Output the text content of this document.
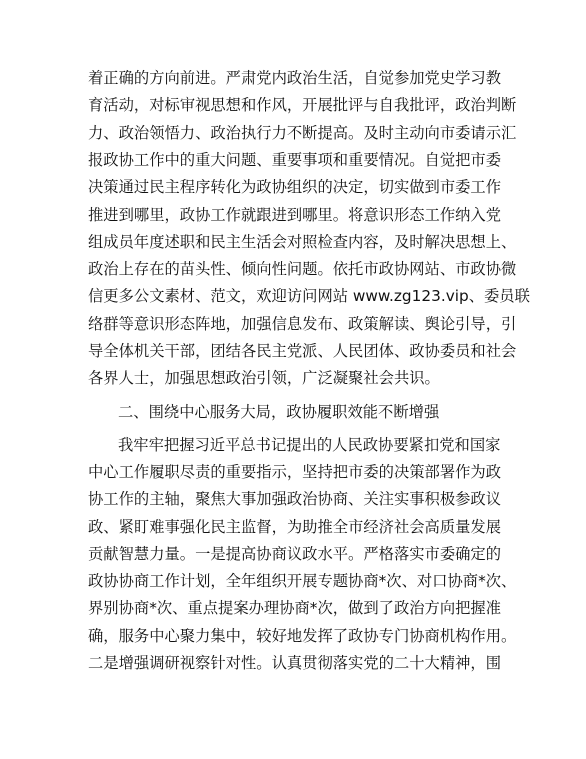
着正确的方向前进。严肃党内政治生活，自觉参加党史学习教
育活动，对标审视思想和作风，开展批评与自我批评，政治判断
力、政治领悟力、政治执行力不断提高。及时主动向市委请示汇
报政协工作中的重大问题、重要事项和重要情况。自觉把市委
决策通过民主程序转化为政协组织的决定，切实做到市委工作
推进到哪里，政协工作就跟进到哪里。将意识形态工作纳入党
组成员年度述职和民主生活会对照检查内容，及时解决思想上、
政治上存在的苗头性、倾向性问题。依托市政协网站、市政协微
信更多公文素材、范文，欢迎访问网站 www.zg123.vip、委员联
络群等意识形态阵地，加强信息发布、政策解读、舆论引导，引
导全体机关干部，团结各民主党派、人民团体、政协委员和社会
各界人士，加强思想政治引领，广泛凝聚社会共识。
二、围绕中心服务大局，政协履职效能不断增强
我牢牢把握习近平总书记提出的人民政协要紧扣党和国家
中心工作履职尽责的重要指示，坚持把市委的决策部署作为政
协工作的主轴，聚焦大事加强政治协商、关注实事积极参政议
政、紧盯难事强化民主监督，为助推全市经济社会高质量发展
贡献智慧力量。一是提高协商议政水平。严格落实市委确定的
政协协商工作计划，全年组织开展专题协商*次、对口协商*次、
界别协商*次、重点提案办理协商*次，做到了政治方向把握准
确，服务中心聚力集中，较好地发挥了政协专门协商机构作用。
二是增强调研视察针对性。认真贯彻落实党的二十大精神，围
